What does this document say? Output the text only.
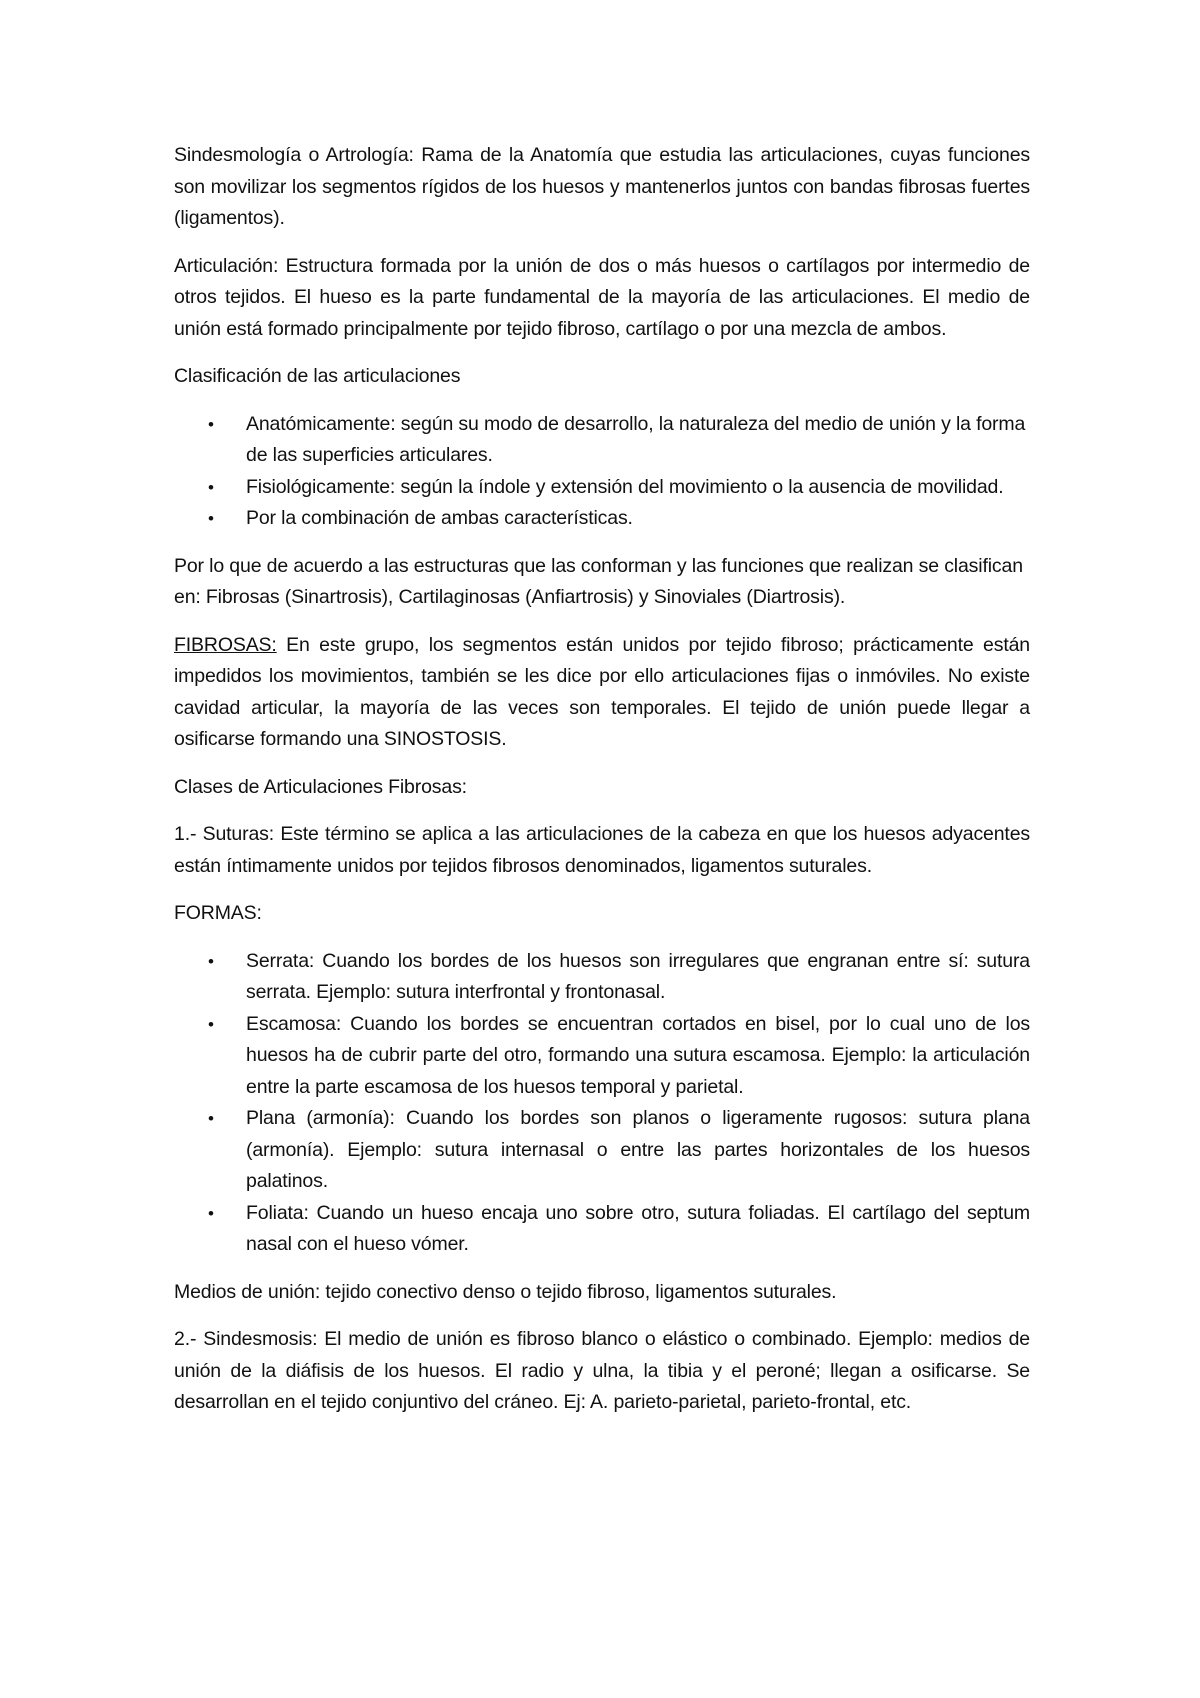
Sindesmología o Artrología: Rama de la Anatomía que estudia las articulaciones, cuyas funciones son movilizar los segmentos rígidos de los huesos y mantenerlos juntos con bandas fibrosas fuertes (ligamentos).

Articulación: Estructura formada por la unión de dos o más huesos o cartílagos por intermedio de otros tejidos. El hueso es la parte fundamental de la mayoría de las articulaciones. El medio de unión está formado principalmente por tejido fibroso, cartílago o por una mezcla de ambos.

Clasificación de las articulaciones

• Anatómicamente: según su modo de desarrollo, la naturaleza del medio de unión y la forma de las superficies articulares.
• Fisiológicamente: según la índole y extensión del movimiento o la ausencia de movilidad.
• Por la combinación de ambas características.

Por lo que de acuerdo a las estructuras que las conforman y las funciones que realizan se clasifican en: Fibrosas (Sinartrosis), Cartilaginosas (Anfiartrosis) y Sinoviales (Diartrosis).

FIBROSAS: En este grupo, los segmentos están unidos por tejido fibroso; prácticamente están impedidos los movimientos, también se les dice por ello articulaciones fijas o inmóviles. No existe cavidad articular, la mayoría de las veces son temporales. El tejido de unión puede llegar a osificarse formando una SINOSTOSIS.

Clases de Articulaciones Fibrosas:

1.- Suturas: Este término se aplica a las articulaciones de la cabeza en que los huesos adyacentes están íntimamente unidos por tejidos fibrosos denominados, ligamentos suturales.

FORMAS:

• Serrata: Cuando los bordes de los huesos son irregulares que engranan entre sí: sutura serrata. Ejemplo: sutura interfrontal y frontonasal.
• Escamosa: Cuando los bordes se encuentran cortados en bisel, por lo cual uno de los huesos ha de cubrir parte del otro, formando una sutura escamosa. Ejemplo: la articulación entre la parte escamosa de los huesos temporal y parietal.
• Plana (armonía): Cuando los bordes son planos o ligeramente rugosos: sutura plana (armonía). Ejemplo: sutura internasal o entre las partes horizontales de los huesos palatinos.
• Foliata: Cuando un hueso encaja uno sobre otro, sutura foliadas. El cartílago del septum nasal con el hueso vómer.

Medios de unión: tejido conectivo denso o tejido fibroso, ligamentos suturales.

2.- Sindesmosis: El medio de unión es fibroso blanco o elástico o combinado. Ejemplo: medios de unión de la diáfisis de los huesos. El radio y ulna, la tibia y el peroné; llegan a osificarse. Se desarrollan en el tejido conjuntivo del cráneo. Ej: A. parieto-parietal, parieto-frontal, etc.
